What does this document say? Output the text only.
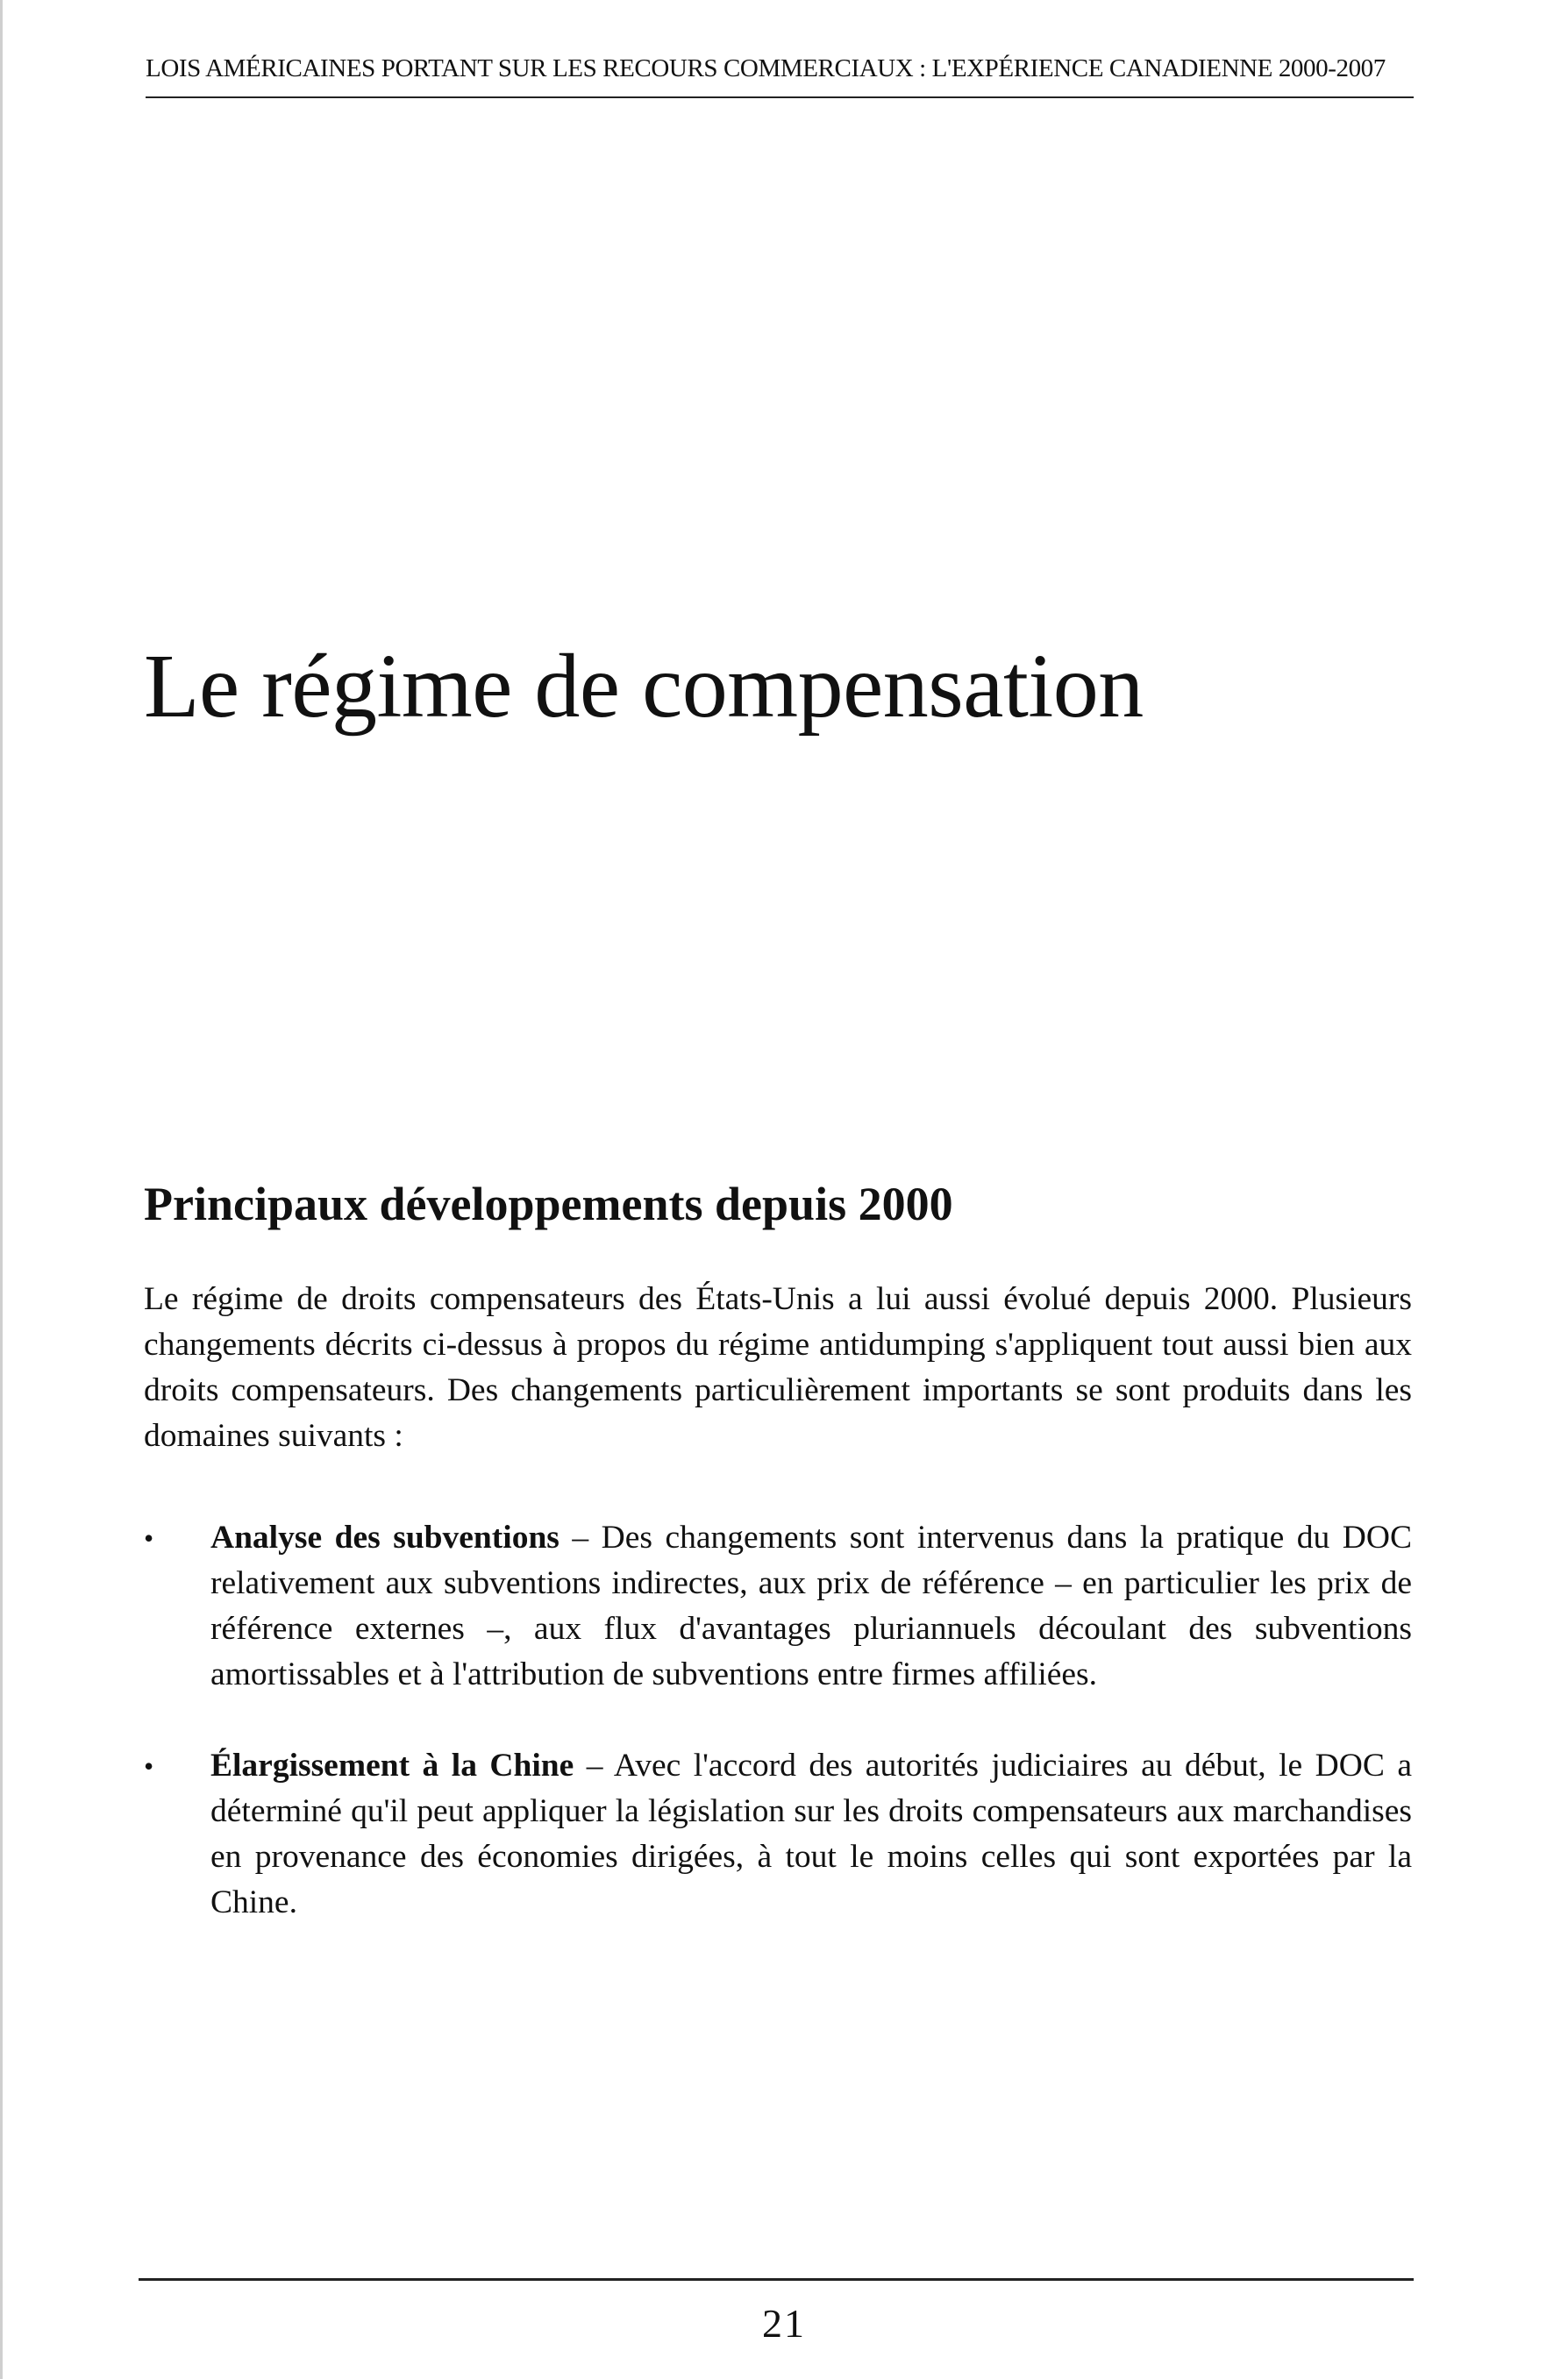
LOIS AMÉRICAINES PORTANT SUR LES RECOURS COMMERCIAUX : L'EXPÉRIENCE CANADIENNE 2000-2007
Le régime de compensation
Principaux développements depuis 2000

Le régime de droits compensateurs des États-Unis a lui aussi évolué depuis 2000. Plusieurs changements décrits ci-dessus à propos du régime antidumping s'appliquent tout aussi bien aux droits compensateurs. Des changements particulièrement importants se sont produits dans les domaines suivants :

•	Analyse des subventions – Des changements sont intervenus dans la pratique du DOC relativement aux subventions indirectes, aux prix de référence – en particulier les prix de référence externes –, aux flux d'avantages pluriannuels découlant des subventions amortissables et à l'attribution de subventions entre firmes affiliées.
•	Élargissement à la Chine – Avec l'accord des autorités judiciaires au début, le DOC a déterminé qu'il peut appliquer la législation sur les droits compensateurs aux marchandises en provenance des économies dirigées, à tout le moins celles qui sont exportées par la Chine.
21
